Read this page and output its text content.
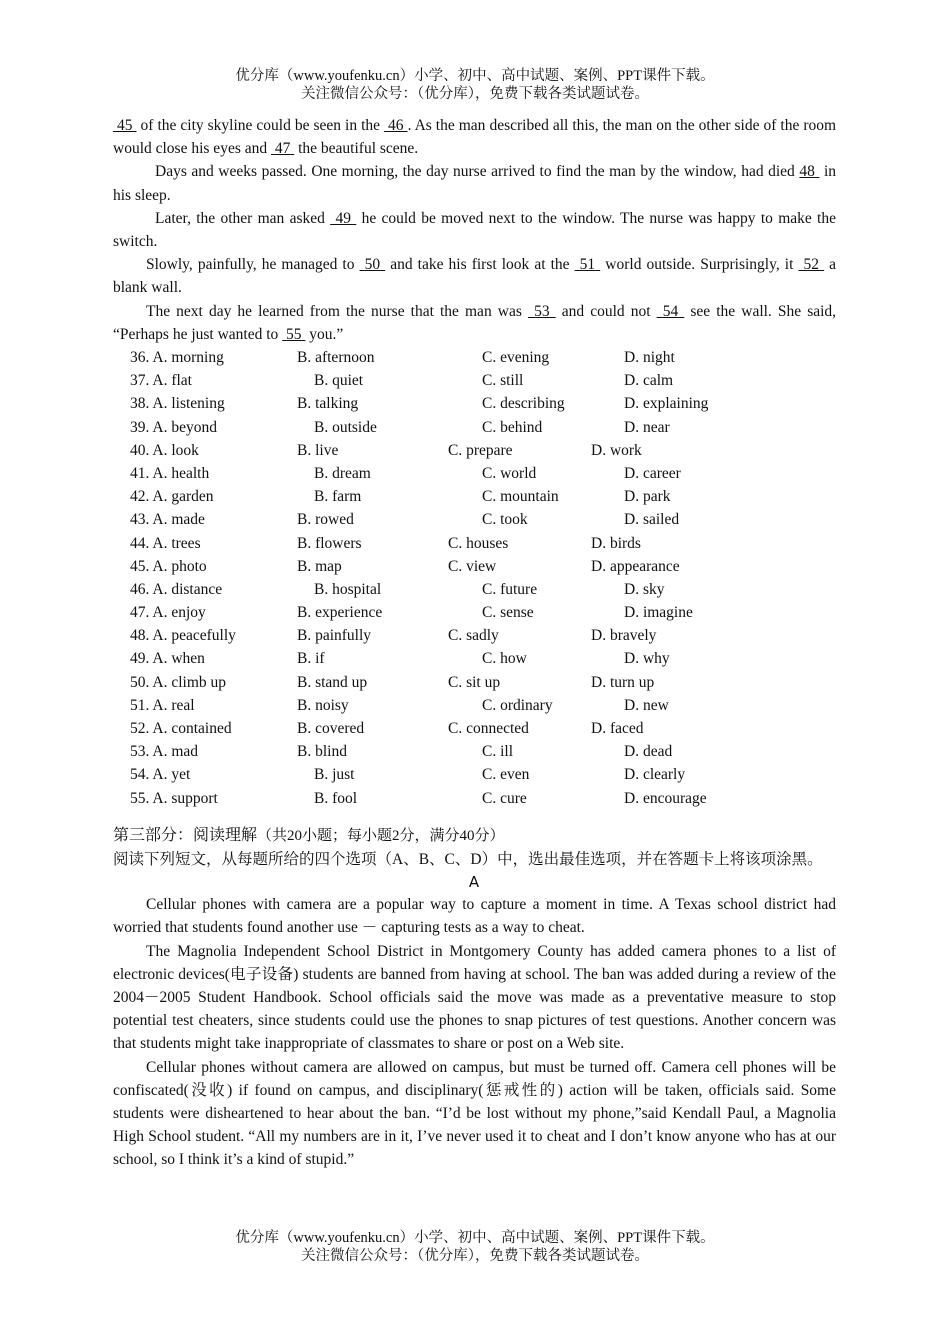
优分库（www.youfenku.cn）小学、初中、高中试题、案例、PPT课件下载。
关注微信公众号：（优分库），免费下载各类试题试卷。

45  of the city skyline could be seen in the  46 . As the man described all this, the man on the other side of the room would close his eyes and  47  the beautiful scene.

Days and weeks passed. One morning, the day nurse arrived to find the man by the window, had died 48  in his sleep.

Later, the other man asked  49  he could be moved next to the window. The nurse was happy to make the switch.

Slowly, painfully, he managed to  50  and take his first look at the  51  world outside. Surprisingly, it  52  a blank wall.

The next day he learned from the nurse that the man was  53  and could not  54  see the wall. She said, “Perhaps he just wanted to  55  you.”

36. A. morning	B. afternoon	C. evening	D. night
37. A. flat	B. quiet	C. still	D. calm
38. A. listening	B. talking	C. describing	D. explaining
39. A. beyond	B. outside	C. behind	D. near
40. A. look	B. live	C. prepare	D. work
41. A. health	B. dream	C. world	D. career
42. A. garden	B. farm	C. mountain	D. park
43. A. made	B. rowed	C. took	D. sailed
44. A. trees	B. flowers	C. houses	D. birds
45. A. photo	B. map	C. view	D. appearance
46. A. distance	B. hospital	C. future	D. sky
47. A. enjoy	B. experience	C. sense	D. imagine
48. A. peacefully	B. painfully	C. sadly	D. bravely
49. A. when	B. if	C. how	D. why
50. A. climb up	B. stand up	C. sit up	D. turn up
51. A. real	B. noisy	C. ordinary	D. new
52. A. contained	B. covered	C. connected	D. faced
53. A. mad	B. blind	C. ill	D. dead
54. A. yet	B. just	C. even	D. clearly
55. A. support	B. fool	C. cure	D. encourage
第三部分：阅读理解（共20小题；每小题2分，满分40分）

阅读下列短文，从每题所给的四个选项（A、B、C、D）中，选出最佳选项，并在答题卡上将该项涂黑。

A

Cellular phones with camera are a popular way to capture a moment in time. A Texas school district had worried that students found another use － capturing tests as a way to cheat.

The Magnolia Independent School District in Montgomery County has added camera phones to a list of electronic devices(电子设备) students are banned from having at school. The ban was added during a review of the 2004－2005 Student Handbook. School officials said the move was made as a preventative measure to stop potential test cheaters, since students could use the phones to snap pictures of test questions. Another concern was that students might take inappropriate of classmates to share or post on a Web site.

Cellular phones without camera are allowed on campus, but must be turned off. Camera cell phones will be confiscated(没收) if found on campus, and disciplinary(惩戒性的) action will be taken, officials said. Some students were disheartened to hear about the ban. “I’d be lost without my phone,”said Kendall Paul, a Magnolia High School student. “All my numbers are in it, I’ve never used it to cheat and I don’t know anyone who has at our school, so I think it’s a kind of stupid.”

优分库（www.youfenku.cn）小学、初中、高中试题、案例、PPT课件下载。
关注微信公众号：（优分库），免费下载各类试题试卷。
